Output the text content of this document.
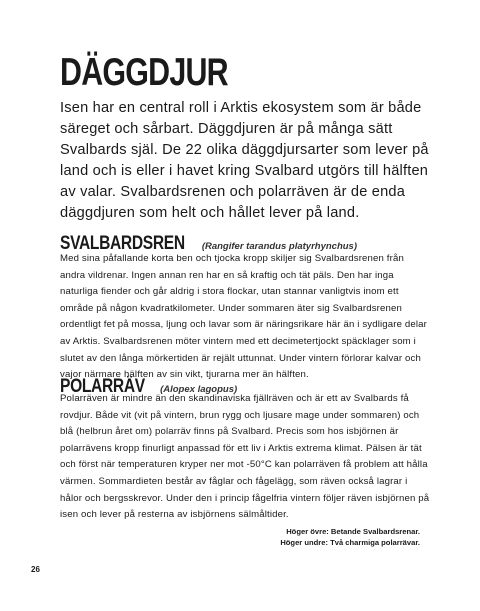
DÄGGDJUR

Isen har en central roll i Arktis ekosystem som är både säreget och sårbart. Däggdjuren är på många sätt Svalbards själ. De 22 olika däggdjursarter som lever på land och is eller i havet kring Svalbard utgörs till hälften av valar. Svalbardsrenen och polarräven är de enda däggdjuren som helt och hållet lever på land.

SVALBARDSREN (Rangifer tarandus platyrhynchus)

Med sina påfallande korta ben och tjocka kropp skiljer sig Svalbardsrenen från andra vildrenar. Ingen annan ren har en så kraftig och tät päls. Den har inga naturliga fiender och går aldrig i stora flockar, utan stannar vanligtvis inom ett område på någon kvadratkilometer. Under sommaren äter sig Svalbardsrenen ordentligt fet på mossa, ljung och lavar som är näringsrikare här än i sydligare delar av Arktis. Svalbardsrenen möter vintern med ett decimetertjockt späcklager som i slutet av den långa mörkertiden är rejält uttunnat. Under vintern förlorar kalvar och vajor närmare hälften av sin vikt, tjurarna mer än hälften.

POLARRÄV (Alopex lagopus)

Polarräven är mindre än den skandinaviska fjällräven och är ett av Svalbards få rovdjur. Både vit (vit på vintern, brun rygg och ljusare mage under sommaren) och blå (helbrun året om) polarräv finns på Svalbard. Precis som hos isbjörnen är polarrävens kropp finurligt anpassad för ett liv i Arktis extrema klimat. Pälsen är tät och först när temperaturen kryper ner mot -50°C kan polarräven få problem att hålla värmen. Sommardieten består av fåglar och fågelägg, som räven också lagrar i hålor och bergsskrevor. Under den i princip fågelfria vintern följer räven isbjörnen på isen och lever på resterna av isbjörnens sälmåltider.

Höger övre: Betande Svalbardsrenar.
Höger undre: Två charmiga polarrävar.
26
